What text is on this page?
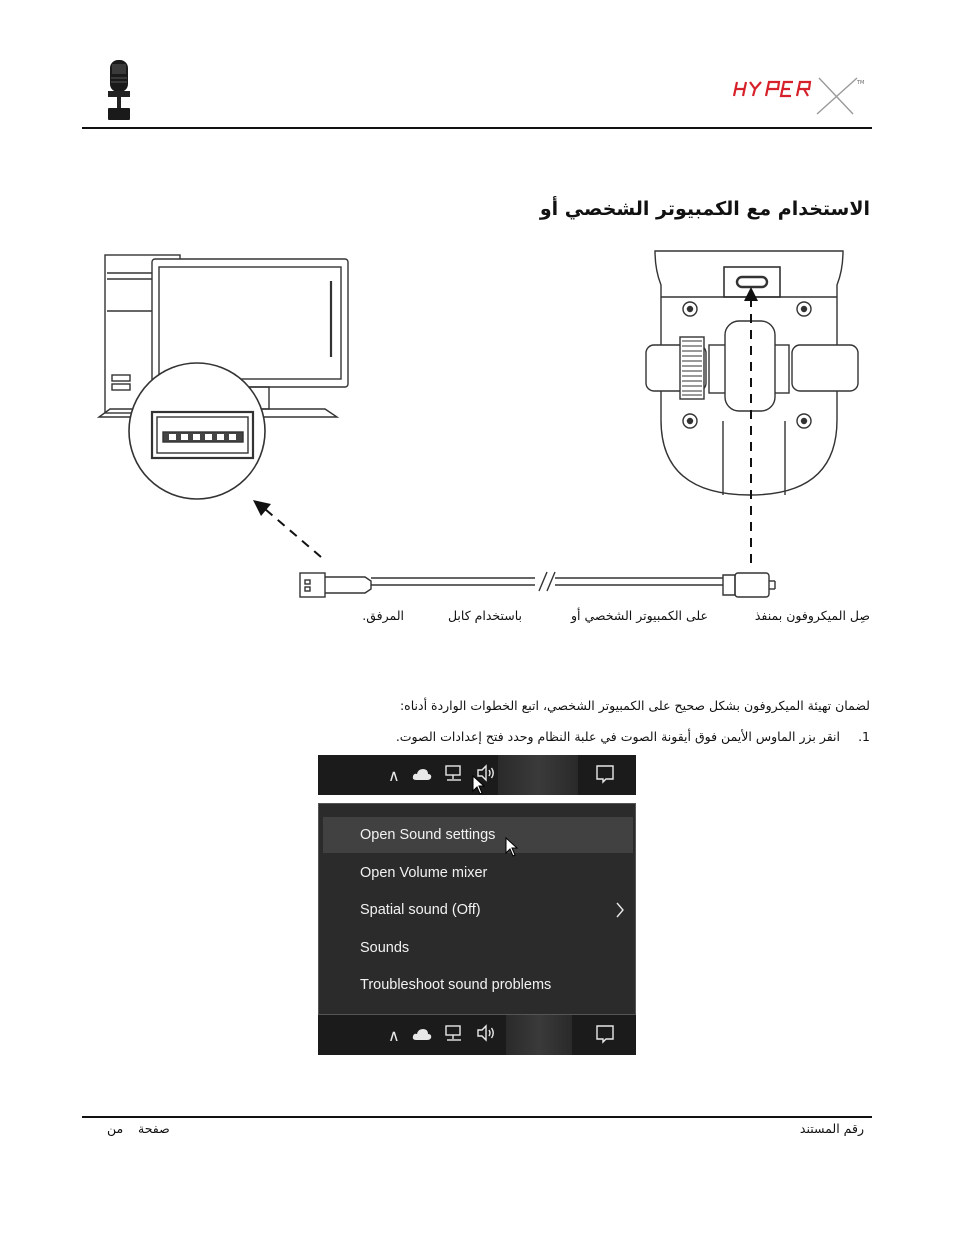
TM
الاستخدام مع الكمبيوتر الشخصي أو
صِل الميكروفون بمنفذ
على الكمبيوتر الشخصي أو
باستخدام كابل
المرفق.
لضمان تهيئة الميكروفون بشكل صحيح على الكمبيوتر الشخصي، اتبع الخطوات الواردة أدناه:
1.انقر بزر الماوس الأيمن فوق أيقونة الصوت في علبة النظام وحدد فتح إعدادات الصوت.
∧
Open Sound settings
Open Volume mixer
Spatial sound (Off)
Sounds
Troubleshoot sound problems
∧
صفحة
من	رقم المستند
